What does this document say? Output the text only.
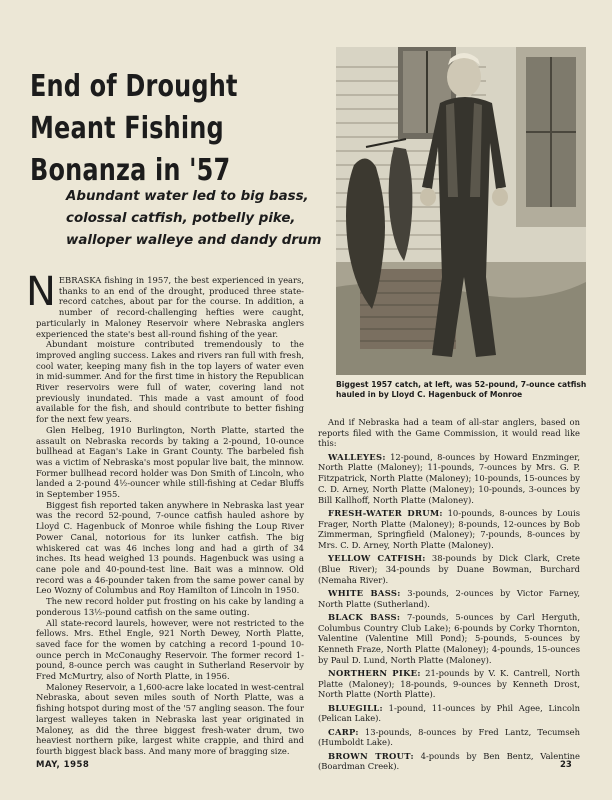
End of Drought Meant Fishing Bonanza in '57

Abundant water led to big bass, colossal catfish, potbelly pike, walloper walleye and dandy drum

NEBRASKA fishing in 1957, the best experienced in years, thanks to an end of the drought, produced three state-record catches, about par for the course. In addition, a number of record-challenging hefties were caught, particularly in Maloney Reservoir where Nebraska anglers experienced the state's best all-round fishing of the year.

Abundant moisture contributed tremendously to the improved angling success. Lakes and rivers ran full with fresh, cool water, keeping many fish in the top layers of water even in mid-summer. And for the first time in history the Republican River reservoirs were full of water, covering land not previously inundated. This made a vast amount of food available for the fish, and should contribute to better fishing for the next few years.

Glen Helbeg, 1910 Burlington, North Platte, started the assault on Nebraska records by taking a 2-pound, 10-ounce bullhead at Eagan's Lake in Grant County. The barbeled fish was a victim of Nebraska's most popular live bait, the minnow. Former bullhead record holder was Don Smith of Lincoln, who landed a 2-pound 4½-ouncer while still-fishing at Cedar Bluffs in September 1955.

Biggest fish reported taken anywhere in Nebraska last year was the record 52-pound, 7-ounce catfish hauled ashore by Lloyd C. Hagenbuck of Monroe while fishing the Loup River Power Canal, notorious for its lunker catfish. The big whiskered cat was 46 inches long and had a girth of 34 inches. Its head weighed 13 pounds. Hagenbuck was using a cane pole and 40-pound-test line. Bait was a minnow. Old record was a 46-pounder taken from the same power canal by Leo Wozny of Columbus and Roy Hamilton of Lincoln in 1950.

The new record holder put frosting on his cake by landing a ponderous 13½-pound catfish on the same outing.

All state-record laurels, however, were not restricted to the fellows. Mrs. Ethel Engle, 921 North Dewey, North Platte, saved face for the women by catching a record 1-pound 10-ounce perch in McConaughy Reservoir. The former record 1-pound, 8-ounce perch was caught in Sutherland Reservoir by Fred McMurtry, also of North Platte, in 1956.

Maloney Reservoir, a 1,600-acre lake located in west-central Nebraska, about seven miles south of North Platte, was a fishing hotspot during most of the '57 angling season. The four largest walleyes taken in Nebraska last year originated in Maloney, as did the three biggest fresh-water drum, two heaviest northern pike, largest white crappie, and third and fourth biggest black bass. And many more of bragging size.

Biggest 1957 catch, at left, was 52-pound, 7-ounce catfish hauled in by Lloyd C. Hagenbuck of Monroe

And if Nebraska had a team of all-star anglers, based on reports filed with the Game Commission, it would read like this:

WALLEYES: 12-pound, 8-ounces by Howard Enzminger, North Platte (Maloney); 11-pounds, 7-ounces by Mrs. G. P. Fitzpatrick, North Platte (Maloney); 10-pounds, 15-ounces by C. D. Arney, North Platte (Maloney); 10-pounds, 3-ounces by Bill Kallhoff, North Platte (Maloney).

FRESH-WATER DRUM: 10-pounds, 8-ounces by Louis Frager, North Platte (Maloney); 8-pounds, 12-ounces by Bob Zimmerman, Springfield (Maloney); 7-pounds, 8-ounces by Mrs. C. D. Arney, North Platte (Maloney).

YELLOW CATFISH: 38-pounds by Dick Clark, Crete (Blue River); 34-pounds by Duane Bowman, Burchard (Nemaha River).

WHITE BASS: 3-pounds, 2-ounces by Victor Farney, North Platte (Sutherland).

BLACK BASS: 7-pounds, 5-ounces by Carl Herguth, Columbus Country Club Lake); 6-pounds by Corky Thornton, Valentine (Valentine Mill Pond); 5-pounds, 5-ounces by Kenneth Fraze, North Platte (Maloney); 4-pounds, 15-ounces by Paul D. Lund, North Platte (Maloney).

NORTHERN PIKE: 21-pounds by V. K. Cantrell, North Platte (Maloney); 18-pounds, 9-ounces by Kenneth Drost, North Platte (North Platte).

BLUEGILL: 1-pound, 11-ounces by Phil Agee, Lincoln (Pelican Lake).

CARP: 13-pounds, 8-ounces by Fred Lantz, Tecumseh (Humboldt Lake).

BROWN TROUT: 4-pounds by Ben Bentz, Valentine (Boardman Creek).

MAY, 1958	23
